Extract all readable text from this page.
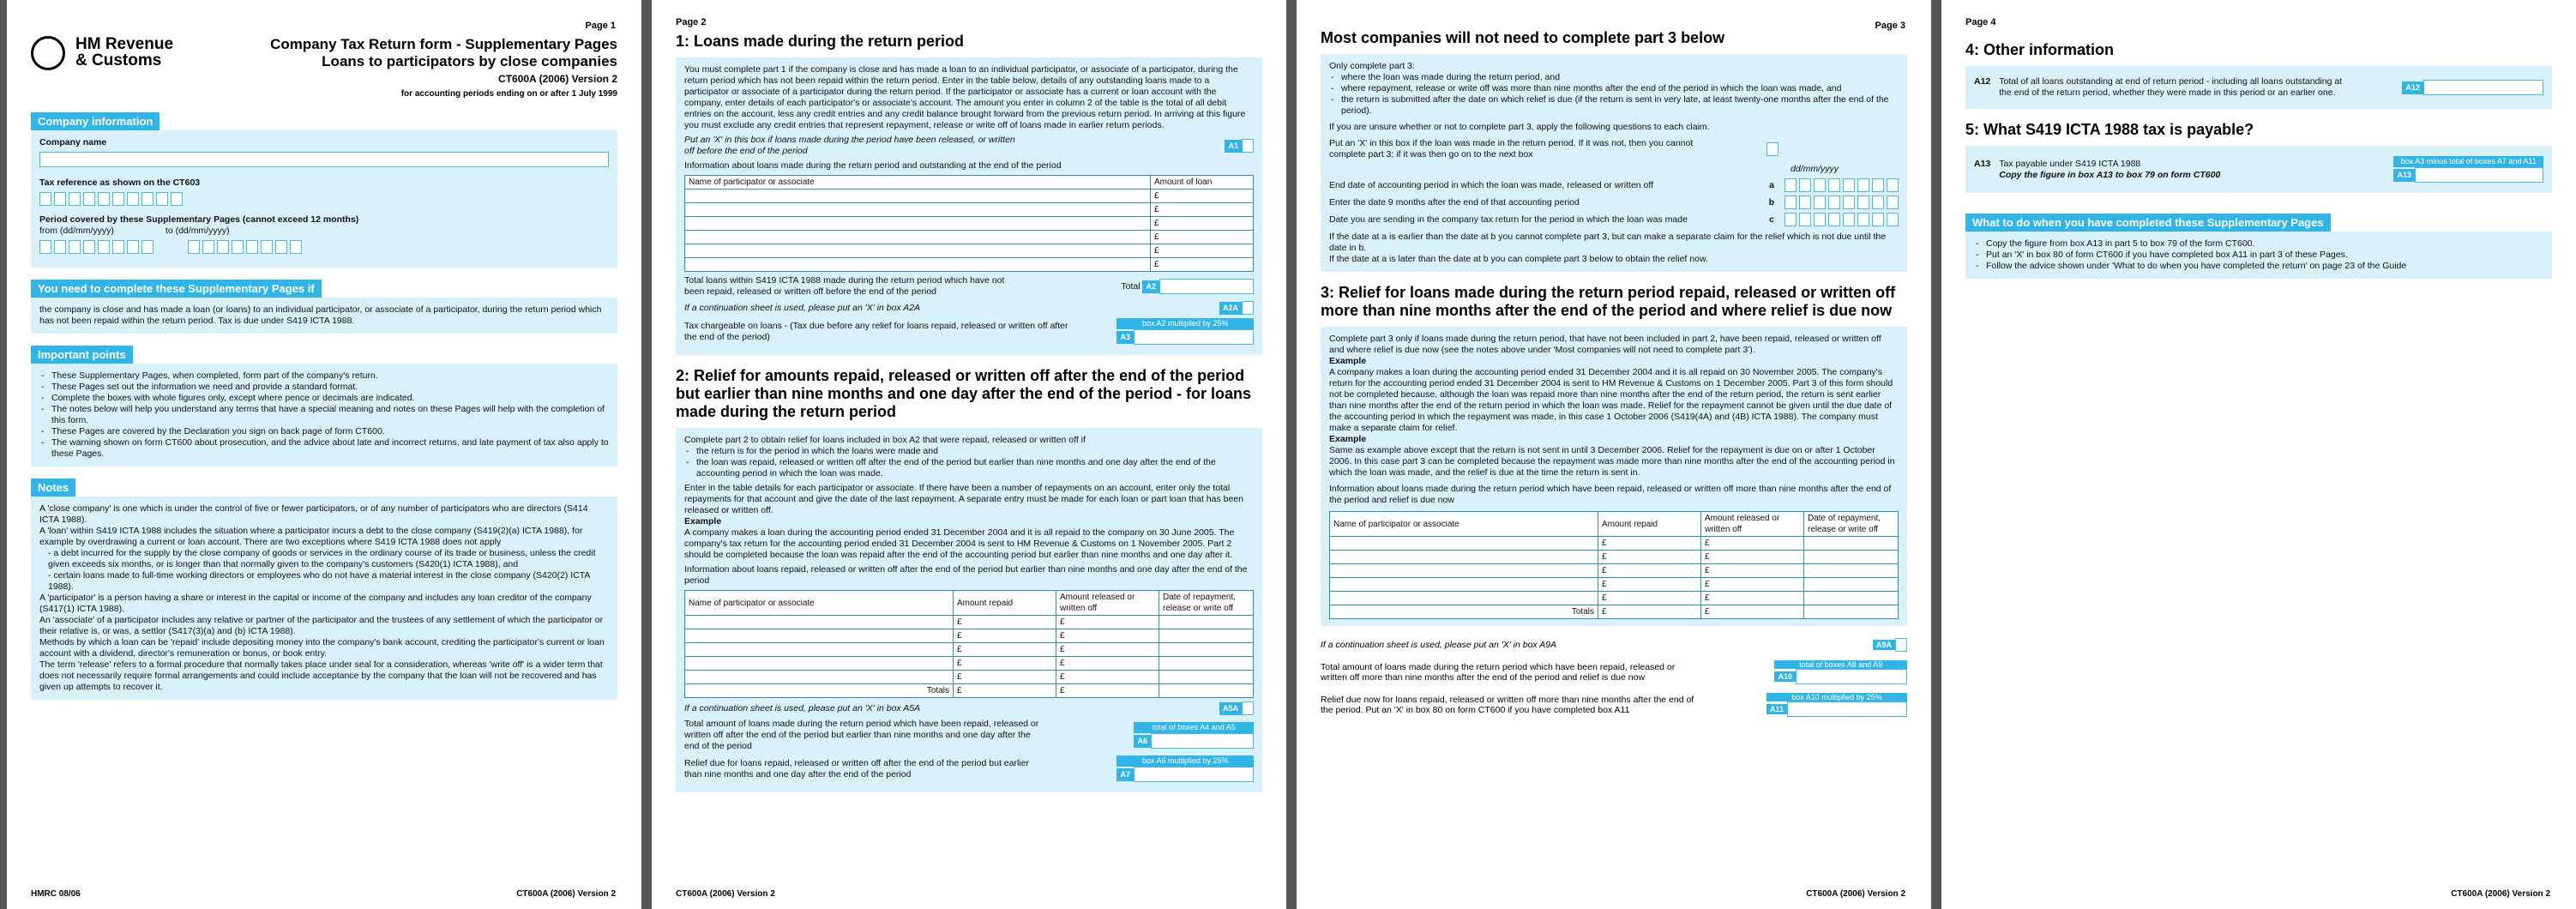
Page 1
HM Revenue & Customs
Company Tax Return form - Supplementary Pages
Loans to participators by close companies
CT600A (2006) Version 2
for accounting periods ending on or after 1 July 1999
Company information
Company name
Tax reference as shown on the CT603
Period covered by these Supplementary Pages (cannot exceed 12 months)
from (dd/mm/yyyy)	to (dd/mm/yyyy)
You need to complete these Supplementary Pages if
the company is close and has made a loan (or loans) to an individual participator, or associate of a participator, during the return period which has not been repaid within the return period. Tax is due under S419 ICTA 1988.
Important points
- These Supplementary Pages, when completed, form part of the company's return.
- These Pages set out the information we need and provide a standard format.
- Complete the boxes with whole figures only, except where pence or decimals are indicated.
- The notes below will help you understand any terms that have a special meaning and notes on these Pages will help with the completion of this form.
- These Pages are covered by the Declaration you sign on back page of form CT600.
- The warning shown on form CT600 about prosecution, and the advice about late and incorrect returns, and late payment of tax also apply to these Pages.
Notes

A 'close company' is one which is under the control of five or fewer participators, or of any number of participators who are directors (S414 ICTA 1988).

A 'loan' within S419 ICTA 1988 includes the situation where a participator incurs a debt to the close company (S419(2)(a) ICTA 1988), for example by overdrawing a current or loan account. There are two exceptions where S419 ICTA 1988 does not apply

- a debt incurred for the supply by the close company of goods or services in the ordinary course of its trade or business, unless the credit given exceeds six months, or is longer than that normally given to the company's customers (S420(1) ICTA 1988), and

- certain loans made to full-time working directors or employees who do not have a material interest in the close company (S420(2) ICTA 1988).

A 'participator' is a person having a share or interest in the capital or income of the company and includes any loan creditor of the company (S417(1) ICTA 1988).

An 'associate' of a participator includes any relative or partner of the participator and the trustees of any settlement of which the participator or their relative is, or was, a settlor (S417(3)(a) and (b) ICTA 1988).

Methods by which a loan can be 'repaid' include depositing money into the company's bank account, crediting the participator's current or loan account with a dividend, director's remuneration or bonus, or book entry.

The term 'release' refers to a formal procedure that normally takes place under seal for a consideration, whereas 'write off' is a wider term that does not necessarily require formal arrangements and could include acceptance by the company that the loan will not be recovered and has given up attempts to recover it.

HMRC 08/06	CT600A (2006) Version 2
Page 2
1: Loans made during the return period

You must complete part 1 if the company is close and has made a loan to an individual participator, or associate of a participator, during the return period which has not been repaid within the return period. Enter in the table below, details of any outstanding loans made to a participator or associate of a participator during the return period. If the participator or associate has a current or loan account with the company, enter details of each participator's or associate's account. The amount you enter in column 2 of the table is the total of all debit entries on the account, less any credit entries and any credit balance brought forward from the previous return period. In arriving at this figure you must exclude any credit entries that represent repayment, release or write off of loans made in earlier return periods.

Put an 'X' in this box if loans made during the period have been released, or written off before the end of the period
A1
Information about loans made during the return period and outstanding at the end of the period
Name of participator or associate	Amount of loan
	£
	£
	£
	£
	£
	£
Total loans within S419 ICTA 1988 made during the return period which have not been repaid, released or written off before the end of the period
Total A2
If a continuation sheet is used, please put an 'X' in box A2A	A2A
Tax chargeable on loans - (Tax due before any relief for loans repaid, released or written off after the end of the period)
box A2 multiplied by 25%
A3
2: Relief for amounts repaid, released or written off after the end of the period but earlier than nine months and one day after the end of the period - for loans made during the return period

Complete part 2 to obtain relief for loans included in box A2 that were repaid, released or written off if

- the return is for the period in which the loans were made and
- the loan was repaid, released or written off after the end of the period but earlier than nine months and one day after the end of the accounting period in which the loan was made.

Enter in the table details for each participator or associate. If there have been a number of repayments on an account, enter only the total repayments for that account and give the date of the last repayment. A separate entry must be made for each loan or part loan that has been released or written off.

Example

A company makes a loan during the accounting period ended 31 December 2004 and it is all repaid to the company on 30 June 2005. The company's tax return for the accounting period ended 31 December 2004 is sent to HM Revenue & Customs on 1 November 2005. Part 2 should be completed because the loan was repaid after the end of the accounting period but earlier than nine months and one day after it.

Information about loans repaid, released or written off after the end of the period but earlier than nine months and one day after the end of the period
Name of participator or associate	Amount repaid	Amount released or written off	Date of repayment, release or write off
	£	£	
	£	£	
	£	£	
	£	£	
	£	£	
Totals	£	£	
If a continuation sheet is used, please put an 'X' in box A5A	A5A
Total amount of loans made during the return period which have been repaid, released or written off after the end of the period but earlier than nine months and one day after the end of the period
total of boxes A4 and A5
A6
Relief due for loans repaid, released or written off after the end of the period but earlier than nine months and one day after the end of the period
box A6 multiplied by 25%
A7
CT600A (2006) Version 2
Page 3
Most companies will not need to complete part 3 below

Only complete part 3:

- where the loan was made during the return period, and
- where repayment, release or write off was more than nine months after the end of the period in which the loan was made, and
- the return is submitted after the date on which relief is due (if the return is sent in very late, at least twenty-one months after the end of the period).

If you are unsure whether or not to complete part 3, apply the following questions to each claim.

Put an 'X' in this box if the loan was made in the return period. If it was not, then you cannot complete part 3; if it was then go on to the next box
dd/mm/yyyy
End date of accounting period in which the loan was made, released or written off	a
Enter the date 9 months after the end of that accounting period	b
Date you are sending in the company tax return for the period in which the loan was made	c

If the date at a is earlier than the date at b you cannot complete part 3, but can make a separate claim for the relief which is not due until the date in b.

If the date at a is later than the date at b you can complete part 3 below to obtain the relief now.

3: Relief for loans made during the return period repaid, released or written off more than nine months after the end of the period and where relief is due now

Complete part 3 only if loans made during the return period, that have not been included in part 2, have been repaid, released or written off and where relief is due now (see the notes above under 'Most companies will not need to complete part 3').

Example

A company makes a loan during the accounting period ended 31 December 2004 and it is all repaid on 30 November 2005. The company's return for the accounting period ended 31 December 2004 is sent to HM Revenue & Customs on 1 December 2005. Part 3 of this form should not be completed because, although the loan was repaid more than nine months after the end of the return period, the return is sent earlier than nine months after the end of the return period in which the loan was made. Relief for the repayment cannot be given until the due date of the accounting period in which the repayment was made, in this case 1 October 2006 (S419(4A) and (4B) ICTA 1988). The company must make a separate claim for relief.

Example

Same as example above except that the return is not sent in until 3 December 2006. Relief for the repayment is due on or after 1 October 2006. In this case part 3 can be completed because the repayment was made more than nine months after the end of the accounting period in which the loan was made, and the relief is due at the time the return is sent in.

Information about loans made during the return period which have been repaid, released or written off more than nine months after the end of the period and relief is due now
Name of participator or associate	Amount repaid	Amount released or written off	Date of repayment, release or write off
	£	£	
	£	£	
	£	£	
	£	£	
	£	£	
Totals	£	£	
If a continuation sheet is used, please put an 'X' in box A9A	A9A
Total amount of loans made during the return period which have been repaid, released or written off more than nine months after the end of the period and relief is due now
total of boxes A8 and A9
A10
Relief due now for loans repaid, released or written off more than nine months after the end of the period. Put an 'X' in box 80 on form CT600 if you have completed box A11
box A10 multiplied by 25%
A11
CT600A (2006) Version 2
Page 4
4: Other information
A12 Total of all loans outstanding at end of return period - including all loans outstanding at the end of the return period, whether they were made in this period or an earlier one.
A12
5: What S419 ICTA 1988 tax is payable?
A13 Tax payable under S419 ICTA 1988
Copy the figure in box A13 to box 79 on form CT600
box A3 minus total of boxes A7 and A11
A13
What to do when you have completed these Supplementary Pages
- Copy the figure from box A13 in part 5 to box 79 of the form CT600.
- Put an 'X' in box 80 of form CT600 if you have completed box A11 in part 3 of these Pages.
- Follow the advice shown under 'What to do when you have completed the return' on page 23 of the Guide
CT600A (2006) Version 2
